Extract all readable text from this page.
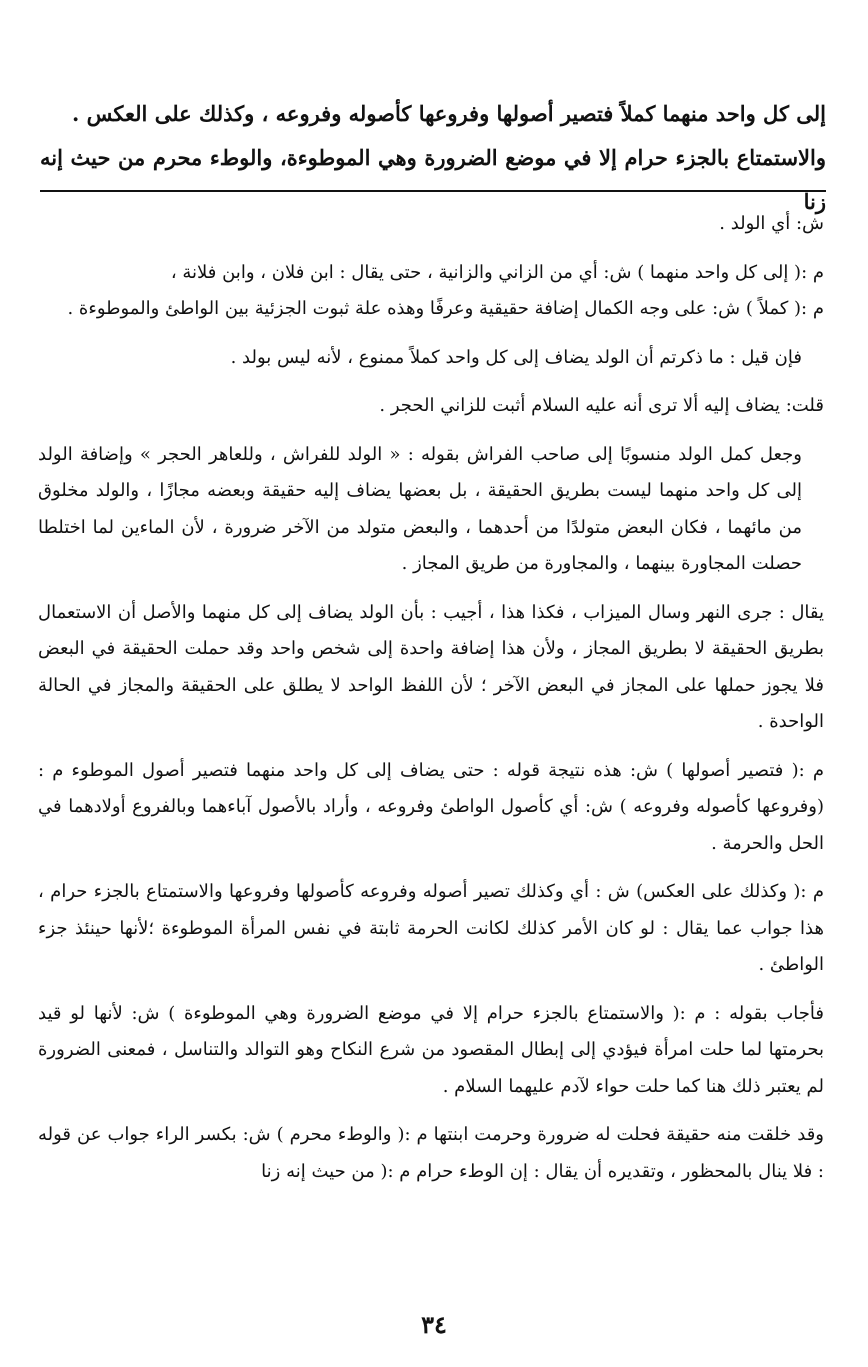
إلى كل واحد منهما كملاً فتصير أصولها وفروعها كأصوله وفروعه ، وكذلك على العكس .

والاستمتاع بالجزء حرام إلا في موضع الضرورة وهي الموطوءة، والوطء محرم من حيث إنه زنا

ش: أي الولد .

م :( إلى كل واحد منهما ) ش: أي من الزاني والزانية ، حتى يقال : ابن فلان ، وابن فلانة ،

م :( كملاً ) ش: على وجه الكمال إضافة حقيقية وعرفًا وهذه علة ثبوت الجزئية بين الواطئ والموطوءة .

فإن قيل : ما ذكرتم أن الولد يضاف إلى كل واحد كملاً ممنوع ، لأنه ليس بولد .

قلت: يضاف إليه ألا ترى أنه عليه السلام أثبت للزاني الحجر .

وجعل كمل الولد منسوبًا إلى صاحب الفراش بقوله : « الولد للفراش ، وللعاهر الحجر » وإضافة الولد إلى كل واحد منهما ليست بطريق الحقيقة ، بل بعضها يضاف إليه حقيقة وبعضه مجازًا ، والولد مخلوق من مائهما ، فكان البعض متولدًا من أحدهما ، والبعض متولد من الآخر ضرورة ، لأن الماءين لما اختلطا حصلت المجاورة بينهما ، والمجاورة من طريق المجاز .

يقال : جرى النهر وسال الميزاب ، فكذا هذا ، أجيب : بأن الولد يضاف إلى كل منهما والأصل أن الاستعمال بطريق الحقيقة لا بطريق المجاز ، ولأن هذا إضافة واحدة إلى شخص واحد وقد حملت الحقيقة في البعض فلا يجوز حملها على المجاز في البعض الآخر ؛ لأن اللفظ الواحد لا يطلق على الحقيقة والمجاز في الحالة الواحدة .

م :( فتصير أصولها ) ش: هذه نتيجة قوله : حتى يضاف إلى كل واحد منهما فتصير أصول الموطوء م :(وفروعها كأصوله وفروعه ) ش: أي كأصول الواطئ وفروعه ، وأراد بالأصول آباءهما وبالفروع أولادهما في الحل والحرمة .

م :( وكذلك على العكس) ش : أي وكذلك تصير أصوله وفروعه كأصولها وفروعها والاستمتاع بالجزء حرام ، هذا جواب عما يقال : لو كان الأمر كذلك لكانت الحرمة ثابتة في نفس المرأة الموطوءة ؛لأنها حينئذ جزء الواطئ .

فأجاب بقوله : م :( والاستمتاع بالجزء حرام إلا في موضع الضرورة وهي الموطوءة ) ش: لأنها لو قيد بحرمتها لما حلت امرأة فيؤدي إلى إبطال المقصود من شرع النكاح وهو التوالد والتناسل ، فمعنى الضرورة لم يعتبر ذلك هنا كما حلت حواء لآدم عليهما السلام .

وقد خلقت منه حقيقة فحلت له ضرورة وحرمت ابنتها م :( والوطء محرم ) ش: بكسر الراء جواب عن قوله : فلا ينال بالمحظور ، وتقديره أن يقال : إن الوطء حرام م :( من حيث إنه زنا

٣٤
